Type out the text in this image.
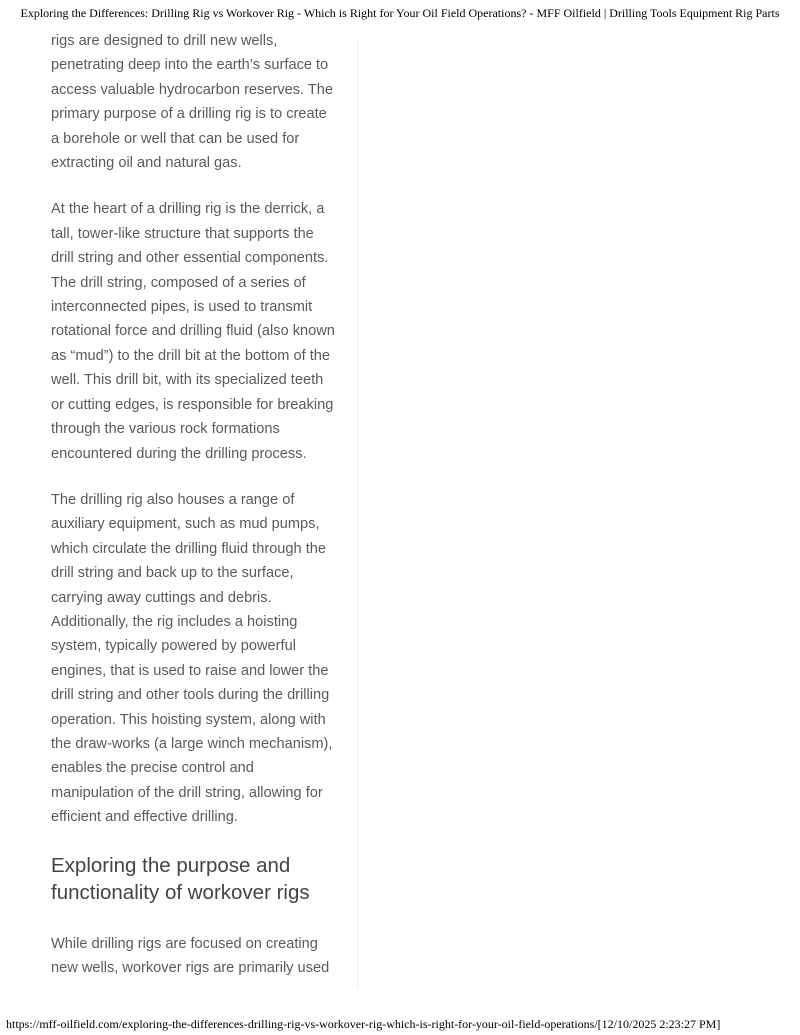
Exploring the Differences: Drilling Rig vs Workover Rig - Which is Right for Your Oil Field Operations? - MFF Oilfield | Drilling Tools Equipment Rig Parts

rigs are designed to drill new wells, penetrating deep into the earth’s surface to access valuable hydrocarbon reserves. The primary purpose of a drilling rig is to create a borehole or well that can be used for extracting oil and natural gas.

At the heart of a drilling rig is the derrick, a tall, tower-like structure that supports the drill string and other essential components. The drill string, composed of a series of interconnected pipes, is used to transmit rotational force and drilling fluid (also known as “mud”) to the drill bit at the bottom of the well. This drill bit, with its specialized teeth or cutting edges, is responsible for breaking through the various rock formations encountered during the drilling process.

The drilling rig also houses a range of auxiliary equipment, such as mud pumps, which circulate the drilling fluid through the drill string and back up to the surface, carrying away cuttings and debris. Additionally, the rig includes a hoisting system, typically powered by powerful engines, that is used to raise and lower the drill string and other tools during the drilling operation. This hoisting system, along with the draw-works (a large winch mechanism), enables the precise control and manipulation of the drill string, allowing for efficient and effective drilling.

Exploring the purpose and functionality of workover rigs

While drilling rigs are focused on creating new wells, workover rigs are primarily used

https://mff-oilfield.com/exploring-the-differences-drilling-rig-vs-workover-rig-which-is-right-for-your-oil-field-operations/[12/10/2025 2:23:27 PM]
